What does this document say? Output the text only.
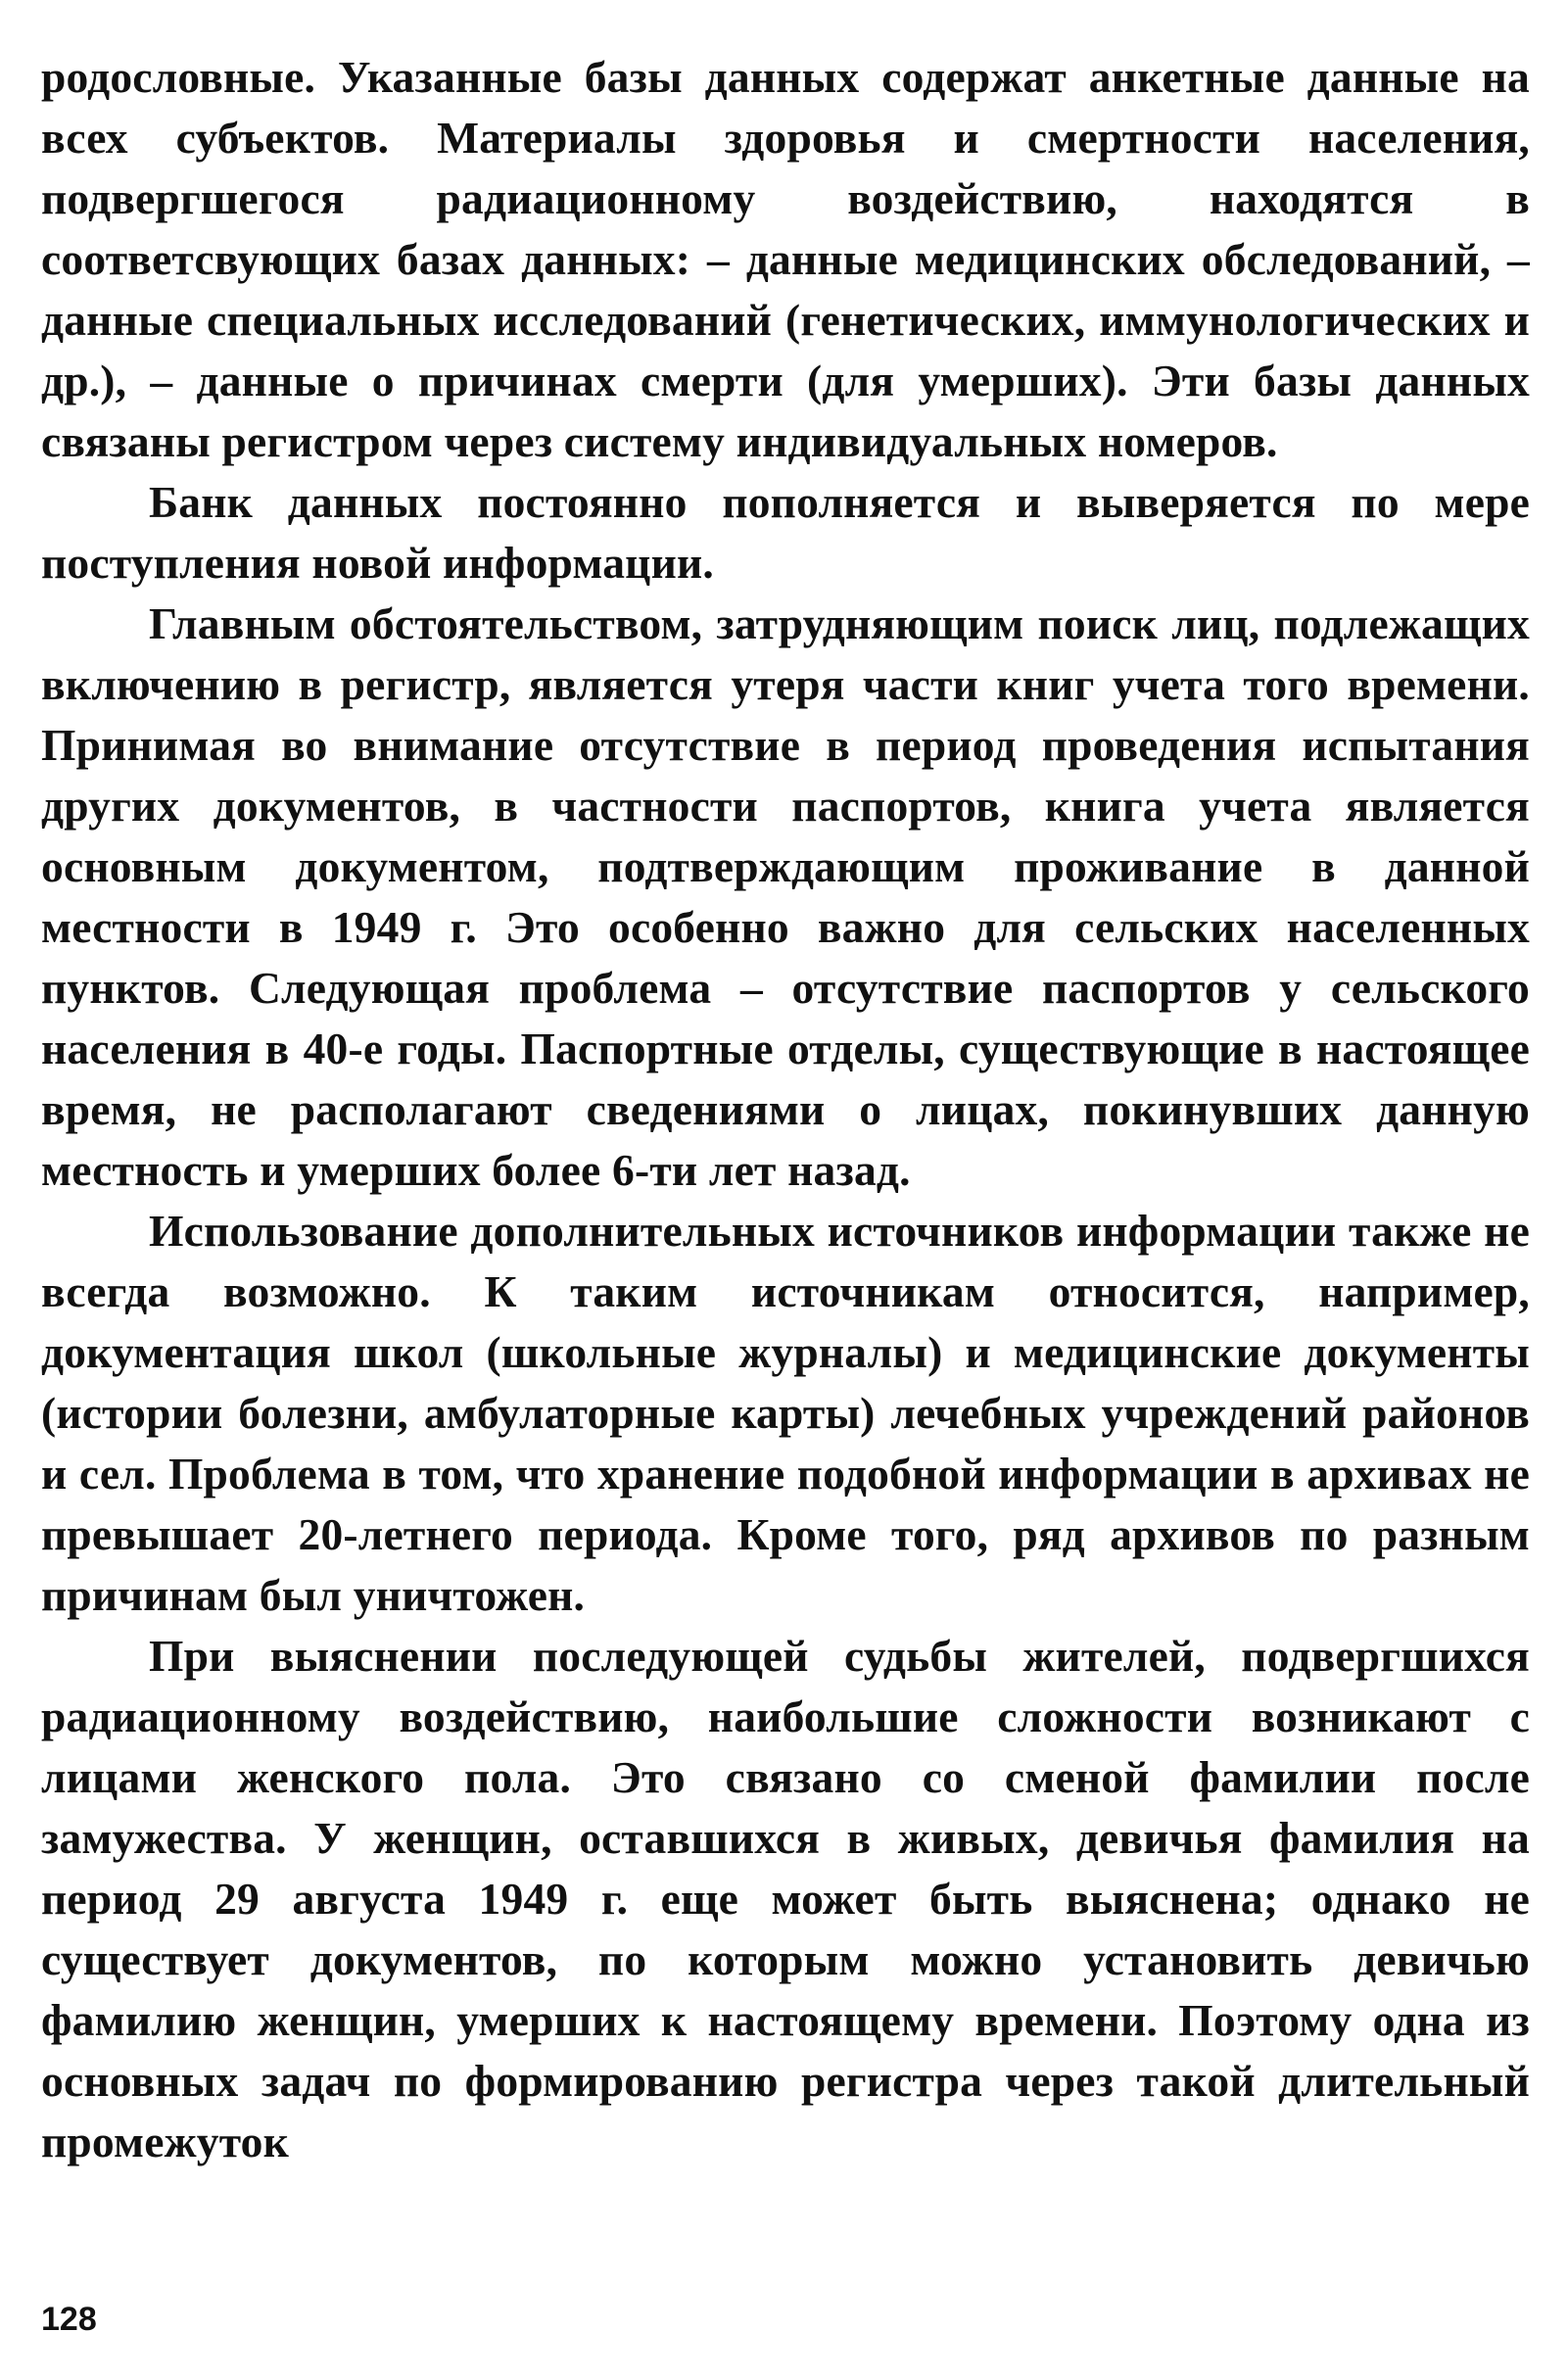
родословные. Указанные базы данных содержат анкетные данные на всех субъектов. Материалы здоровья и смертности населения, подвергшегося радиационному воздействию, находятся в соответсвующих базах данных: – данные медицинских обследований, – данные специальных исследований (генетических, иммунологических и др.), – данные о причинах смерти (для умерших). Эти базы данных связаны регистром через систему индивидуальных номеров.

Банк данных постоянно пополняется и выверяется по мере поступления новой информации.

Главным обстоятельством, затрудняющим поиск лиц, подлежащих включению в регистр, является утеря части книг учета того времени. Принимая во внимание отсутствие в период проведения испытания других документов, в частности паспортов, книга учета является основным документом, подтверждающим проживание в данной местности в 1949 г. Это особенно важно для сельских населенных пунктов. Следующая проблема – отсутствие паспортов у сельского населения в 40-е годы. Паспортные отделы, существующие в настоящее время, не располагают сведениями о лицах, покинувших данную местность и умерших более 6-ти лет назад.

Использование дополнительных источников информации также не всегда возможно. К таким источникам относится, например, документация школ (школьные журналы) и медицинские документы (истории болезни, амбулаторные карты) лечебных учреждений районов и сел. Проблема в том, что хранение подобной информации в архивах не превышает 20-летнего периода. Кроме того, ряд архивов по разным причинам был уничтожен.

При выяснении последующей судьбы жителей, подвергшихся радиационному воздействию, наибольшие сложности возникают с лицами женского пола. Это связано со сменой фамилии после замужества. У женщин, оставшихся в живых, девичья фамилия на период 29 августа 1949 г. еще может быть выяснена; однако не существует документов, по которым можно установить девичью фамилию женщин, умерших к настоящему времени. Поэтому одна из основных задач по формированию регистра через такой длительный промежуток

128
